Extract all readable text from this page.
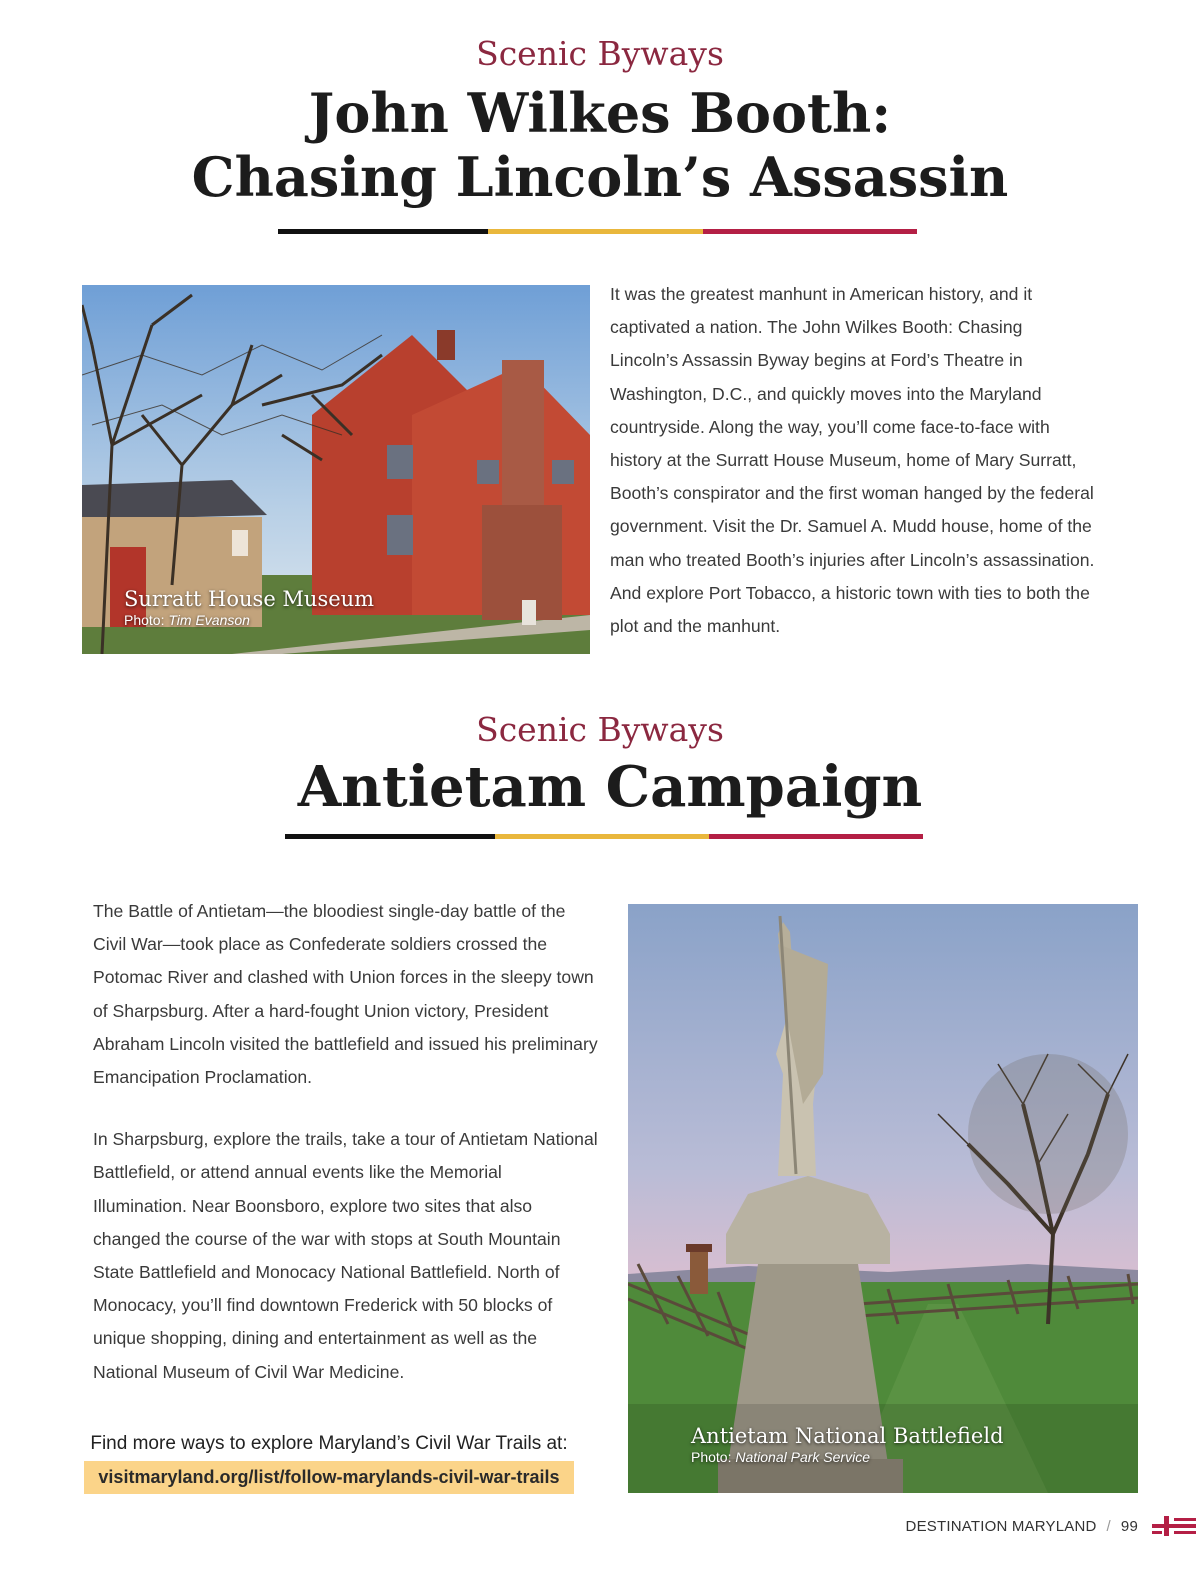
Scenic Byways
John Wilkes Booth:
Chasing Lincoln’s Assassin
Surratt House Museum
Photo: Tim Evanson

It was the greatest manhunt in American history, and it captivated a nation. The John Wilkes Booth: Chasing Lincoln’s Assassin Byway begins at Ford’s Theatre in Washington, D.C., and quickly moves into the Maryland countryside. Along the way, you’ll come face-to-face with history at the Surratt House Museum, home of Mary Surratt, Booth’s conspirator and the first woman hanged by the federal government. Visit the Dr. Samuel A. Mudd house, home of the man who treated Booth’s injuries after Lincoln’s assassination. And explore Port Tobacco, a historic town with ties to both the plot and the manhunt.

Scenic Byways
Antietam Campaign

The Battle of Antietam—the bloodiest single-day battle of the Civil War—took place as Confederate soldiers crossed the Potomac River and clashed with Union forces in the sleepy town of Sharpsburg. After a hard-fought Union victory, President Abraham Lincoln visited the battlefield and issued his preliminary Emancipation Proclamation.

In Sharpsburg, explore the trails, take a tour of Antietam National Battlefield, or attend annual events like the Memorial Illumination. Near Boonsboro, explore two sites that also changed the course of the war with stops at South Mountain State Battlefield and Monocacy National Battlefield. North of Monocacy, you’ll find downtown Frederick with 50 blocks of unique shopping, dining and entertainment as well as the National Museum of Civil War Medicine.

Find more ways to explore Maryland’s Civil War Trails at:
visitmaryland.org/list/follow-marylands-civil-war-trails
Antietam National Battlefield
Photo: National Park Service
DESTINATION MARYLAND / 99
